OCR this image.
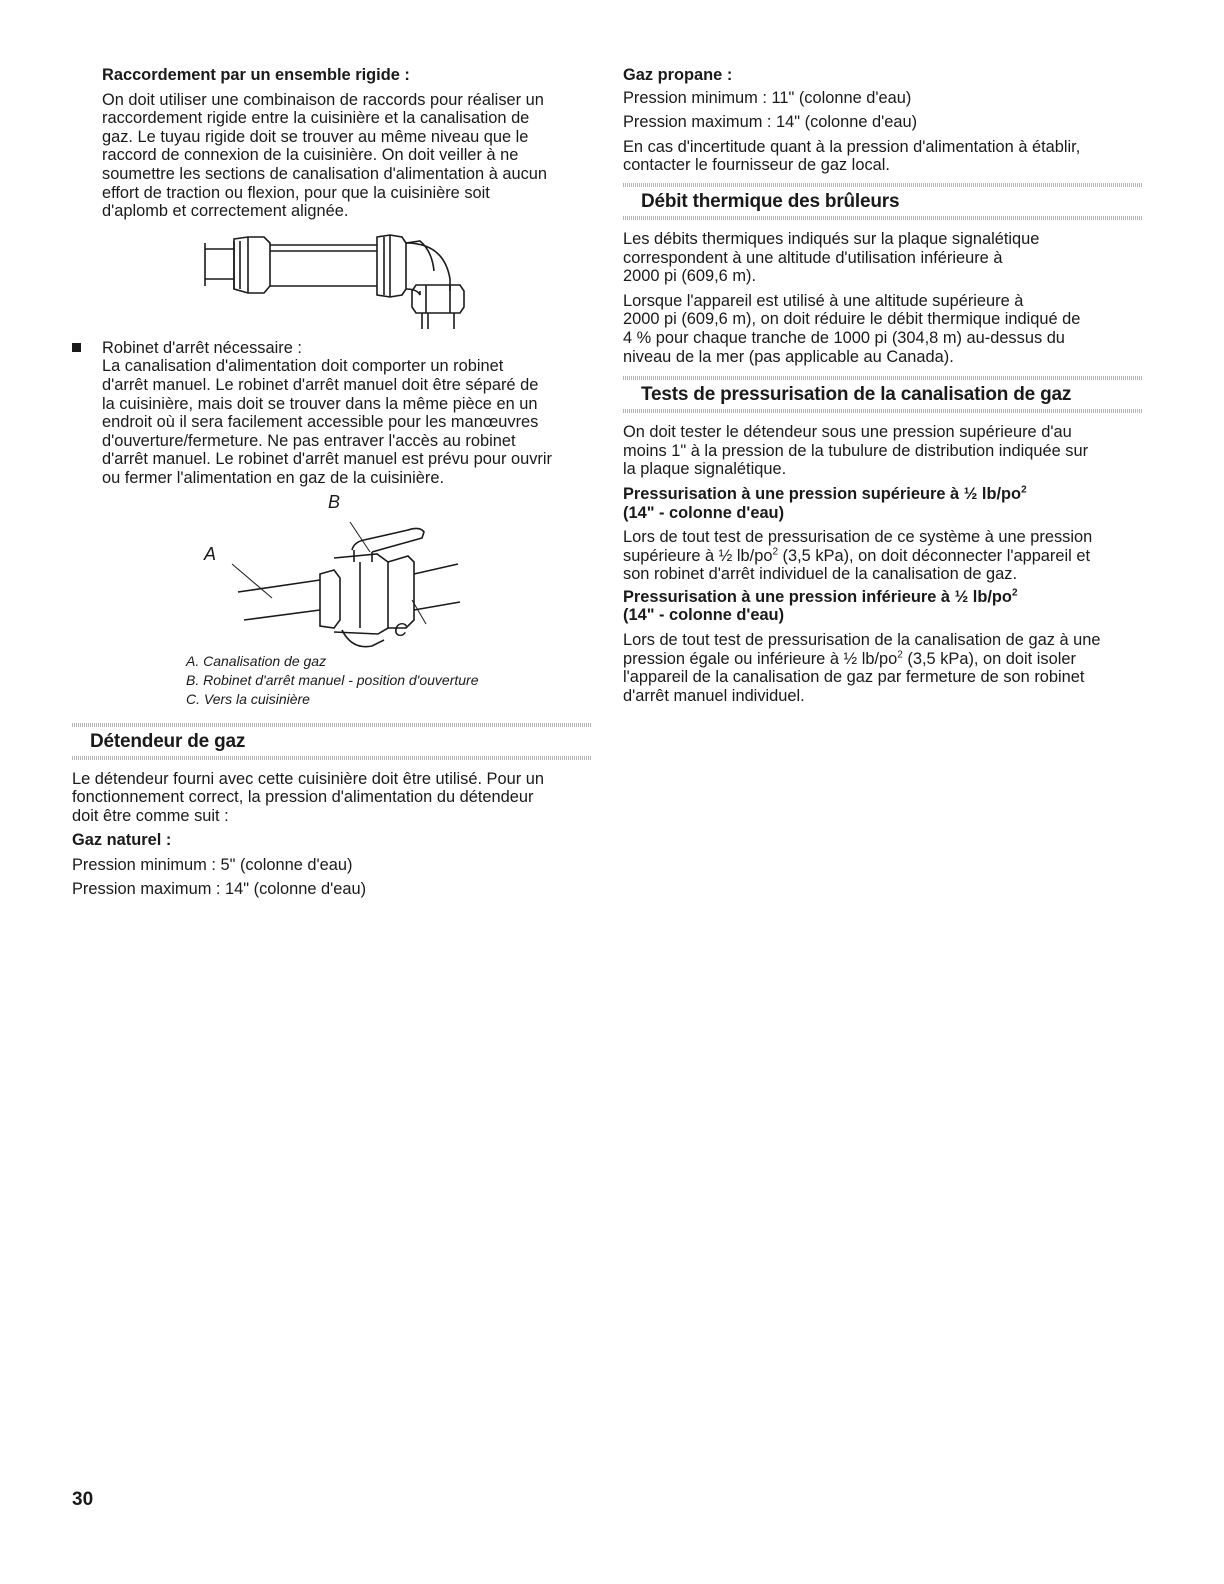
Raccordement par un ensemble rigide :

On doit utiliser une combinaison de raccords pour réaliser un

raccordement rigide entre la cuisinière et la canalisation de

gaz. Le tuyau rigide doit se trouver au même niveau que le

raccord de connexion de la cuisinière. On doit veiller à ne

soumettre les sections de canalisation d'alimentation à aucun

effort de traction ou flexion, pour que la cuisinière soit

d'aplomb et correctement alignée.

Robinet d'arrêt nécessaire :

La canalisation d'alimentation doit comporter un robinet

d'arrêt manuel. Le robinet d'arrêt manuel doit être séparé de

la cuisinière, mais doit se trouver dans la même pièce en un

endroit où il sera facilement accessible pour les manœuvres

d'ouverture/fermeture. Ne pas entraver l'accès au robinet

d'arrêt manuel. Le robinet d'arrêt manuel est prévu pour ouvrir

ou fermer l'alimentation en gaz de la cuisinière.

B
A
C

A. Canalisation de gaz

B. Robinet d'arrêt manuel - position d'ouverture

C. Vers la cuisinière

Détendeur de gaz

Le détendeur fourni avec cette cuisinière doit être utilisé. Pour un

fonctionnement correct, la pression d'alimentation du détendeur

doit être comme suit :

Gaz naturel :

Pression minimum : 5" (colonne d'eau)

Pression maximum : 14" (colonne d'eau)

Gaz propane :

Pression minimum : 11" (colonne d'eau)

Pression maximum : 14" (colonne d'eau)

En cas d'incertitude quant à la pression d'alimentation à établir,

contacter le fournisseur de gaz local.

Débit thermique des brûleurs

Les débits thermiques indiqués sur la plaque signalétique

correspondent à une altitude d'utilisation inférieure à

2000 pi (609,6 m).

Lorsque l'appareil est utilisé à une altitude supérieure à

2000 pi (609,6 m), on doit réduire le débit thermique indiqué de

4 % pour chaque tranche de 1000 pi (304,8 m) au-dessus du

niveau de la mer (pas applicable au Canada).

Tests de pressurisation de la canalisation de gaz

On doit tester le détendeur sous une pression supérieure d'au

moins 1" à la pression de la tubulure de distribution indiquée sur

la plaque signalétique.

Pressurisation à une pression supérieure à ½ $lb/po^2$

(14" - colonne d'eau)

Lors de tout test de pressurisation de ce système à une pression

supérieure à ½ $lb/po^2$ (3,5 kPa), on doit déconnecter l'appareil et

son robinet d'arrêt individuel de la canalisation de gaz.

Pressurisation à une pression inférieure à ½ $lb/po^2$

(14" - colonne d'eau)

Lors de tout test de pressurisation de la canalisation de gaz à une

pression égale ou inférieure à ½ $lb/po^2$ (3,5 kPa), on doit isoler

l'appareil de la canalisation de gaz par fermeture de son robinet

d'arrêt manuel individuel.

30
